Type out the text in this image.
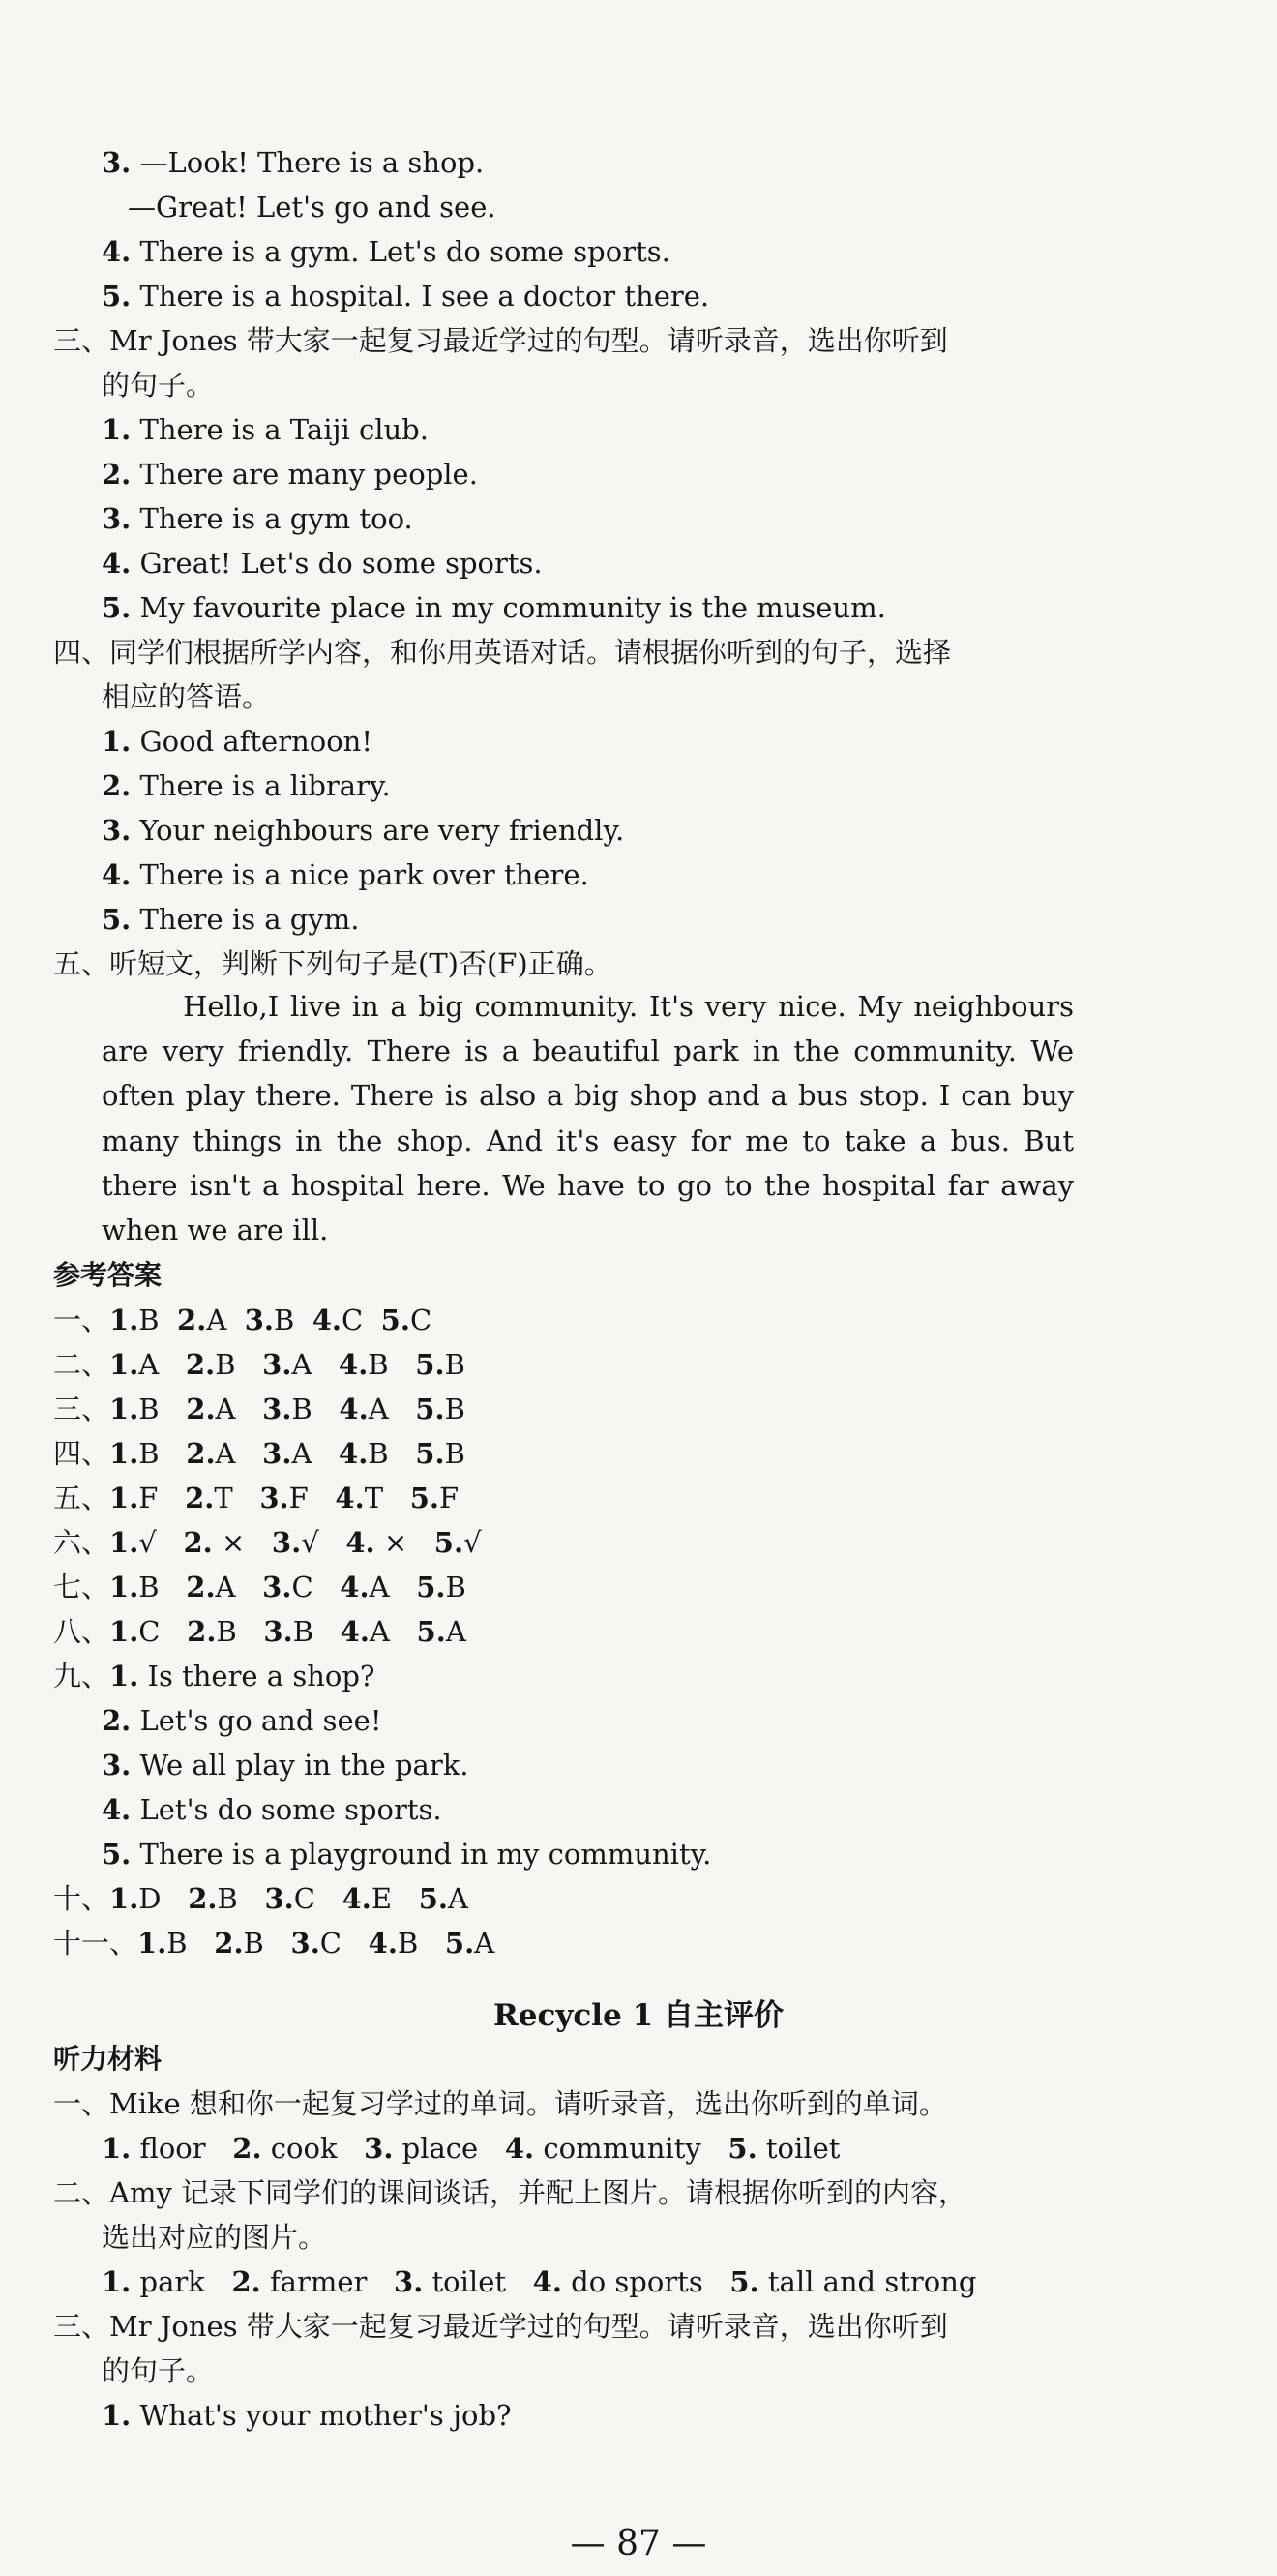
3. —Look! There is a shop.
—Great! Let's go and see.
4. There is a gym. Let's do some sports.
5. There is a hospital. I see a doctor there.
三、Mr Jones 带大家一起复习最近学过的句型。请听录音，选出你听到
的句子。
1. There is a Taiji club.
2. There are many people.
3. There is a gym too.
4. Great! Let's do some sports.
5. My favourite place in my community is the museum.
四、同学们根据所学内容，和你用英语对话。请根据你听到的句子，选择
相应的答语。
1. Good afternoon!
2. There is a library.
3. Your neighbours are very friendly.
4. There is a nice park over there.
5. There is a gym.
五、听短文，判断下列句子是(T)否(F)正确。
Hello,I live in a big community. It's very nice. My neighbours are very friendly. There is a beautiful park in the community. We often play there. There is also a big shop and a bus stop. I can buy many things in the shop. And it's easy for me to take a bus. But there isn't a hospital here. We have to go to the hospital far away when we are ill.
参考答案
一、1.B 2.A 3.B 4.C 5.C
二、1.A 2.B 3.A 4.B 5.B
三、1.B 2.A 3.B 4.A 5.B
四、1.B 2.A 3.A 4.B 5.B
五、1.F 2.T 3.F 4.T 5.F
六、1.√ 2. × 3.√ 4. × 5.√
七、1.B 2.A 3.C 4.A 5.B
八、1.C 2.B 3.B 4.A 5.A
九、1. Is there a shop?
2. Let's go and see!
3. We all play in the park.
4. Let's do some sports.
5. There is a playground in my community.
十、1.D 2.B 3.C 4.E 5.A
十一、1.B 2.B 3.C 4.B 5.A
Recycle 1 自主评价
听力材料
一、Mike 想和你一起复习学过的单词。请听录音，选出你听到的单词。
1. floor 2. cook 3. place 4. community 5. toilet
二、Amy 记录下同学们的课间谈话，并配上图片。请根据你听到的内容，
选出对应的图片。
1. park 2. farmer 3. toilet 4. do sports 5. tall and strong
三、Mr Jones 带大家一起复习最近学过的句型。请听录音，选出你听到
的句子。
1. What's your mother's job?
— 87 —
